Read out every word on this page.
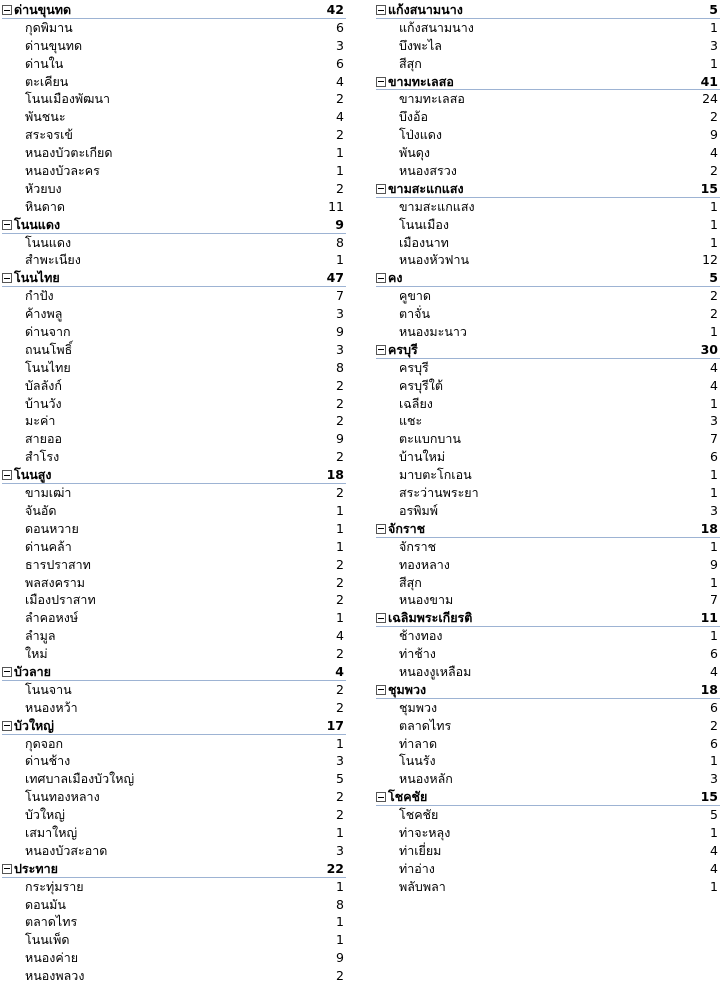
ด่านขุนทด	42
กุดพิมาน	6
ด่านขุนทด	3
ด่านใน	6
ตะเคียน	4
โนนเมืองพัฒนา	2
พันชนะ	4
สระจรเข้	2
หนองบัวตะเกียด	1
หนองบัวละคร	1
หัวยบง	2
หินดาด	11
โนนแดง	9
โนนแดง	8
สำพะเนียง	1
โนนไทย	47
กำปัง	7
ค้างพลู	3
ด่านจาก	9
ถนนโพธิ์	3
โนนไทย	8
บัลลังก์	2
บ้านวัง	2
มะค่า	2
สายออ	9
สำโรง	2
โนนสูง	18
ขามเฒ่า	2
จันอัด	1
ดอนหวาย	1
ด่านคล้า	1
ธารปราสาท	2
พลสงคราม	2
เมืองปราสาท	2
ลำคอหงษ์	1
ลำมูล	4
ใหม่	2
บัวลาย	4
โนนจาน	2
หนองหว้า	2
บัวใหญ่	17
กุดจอก	1
ด่านช้าง	3
เทศบาลเมืองบัวใหญ่	5
โนนทองหลาง	2
บัวใหญ่	2
เสมาใหญ่	1
หนองบัวสะอาด	3
ประทาย	22
กระทุ่มราย	1
ดอนมัน	8
ตลาดไทร	1
โนนเพ็ด	1
หนองค่าย	9
หนองพลวง	2
แก้งสนามนาง	5
แก้งสนามนาง	1
บึงพะไล	3
สีสุก	1
ขามทะเลสอ	41
ขามทะเลสอ	24
บึงอ้อ	2
โป่งแดง	9
พันดุง	4
หนองสรวง	2
ขามสะแกแสง	15
ขามสะแกแสง	1
โนนเมือง	1
เมืองนาท	1
หนองหัวฟาน	12
คง	5
คูขาด	2
ตาจั่น	2
หนองมะนาว	1
ครบุรี	30
ครบุรี	4
ครบุรีใต้	4
เฉลียง	1
แชะ	3
ตะแบกบาน	7
บ้านใหม่	6
มาบตะโกเอน	1
สระว่านพระยา	1
อรพิมพ์	3
จักราช	18
จักราช	1
ทองหลาง	9
สีสุก	1
หนองขาม	7
เฉลิมพระเกียรติ	11
ช้างทอง	1
ท่าช้าง	6
หนองงูเหลือม	4
ชุมพวง	18
ชุมพวง	6
ตลาดไทร	2
ท่าลาด	6
โนนรัง	1
หนองหลัก	3
โชคชัย	15
โชคชัย	5
ท่าจะหลุง	1
ท่าเยี่ยม	4
ท่าอ่าง	4
พลับพลา	1
